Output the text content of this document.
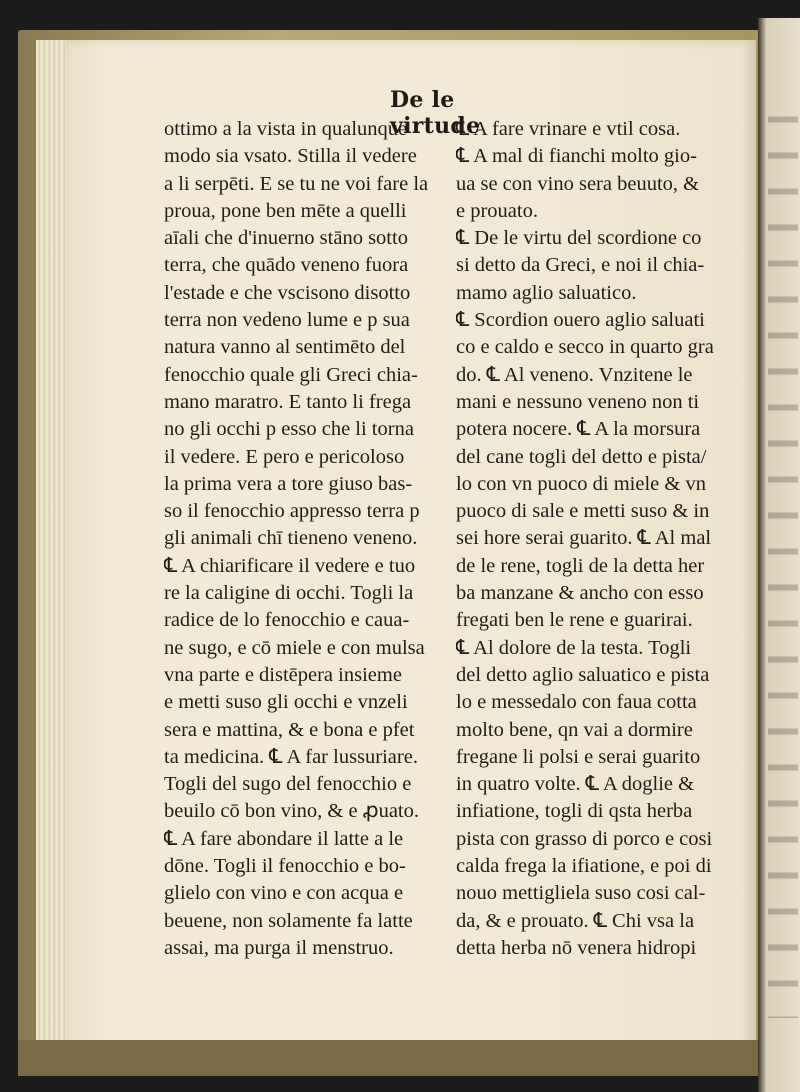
De le virtude
ottimo a la vista in qualunque
modo sia vsato. Stilla il vedere
a li serpēti. E se tu ne voi fare la
proua, pone ben mēte a quelli
aīali che d'inuerno stāno sotto
terra, che quādo veneno fuora
l'estade e che vscisono disotto
terra non vedeno lume e p sua
natura vanno al sentimēto del
fenocchio quale gli Greci chia-
mano maratro. E tanto li frega
no gli occhi p esso che li torna
il vedere. E pero e pericoloso
la prima vera a tore giuso bas-
so il fenocchio appresso terra p
gli animali chī tieneno veneno.
℄ A chiarificare il vedere e tuo
re la caligine di occhi. Togli la
radice de lo fenocchio e caua-
ne sugo, e cō miele e con mulsa
vna parte e distēpera insieme
e metti suso gli occhi e vnzeli
sera e mattina, & e bona e pfet
ta medicina. ℄ A far lussuriare.
Togli del sugo del fenocchio e
beuilo cō bon vino, & e ꝓuato.
℄ A fare abondare il latte a le
dōne. Togli il fenocchio e bo-
glielo con vino e con acqua e
beuene, non solamente fa latte
assai, ma purga il menstruo.
℄ A fare vrinare e vtil cosa.
℄ A mal di fianchi molto gio-
ua se con vino sera beuuto, &
e prouato.
℄ De le virtu del scordione co
si detto da Greci, e noi il chia-
mamo aglio saluatico.
℄ Scordion ouero aglio saluati
co e caldo e secco in quarto gra
do. ℄ Al veneno. Vnzitene le
mani e nessuno veneno non ti
potera nocere. ℄ A la morsura
del cane togli del detto e pista/
lo con vn puoco di miele & vn
puoco di sale e metti suso & in
sei hore serai guarito. ℄ Al mal
de le rene, togli de la detta her
ba manzane & ancho con esso
fregati ben le rene e guarirai.
℄ Al dolore de la testa. Togli
del detto aglio saluatico e pista
lo e messedalo con faua cotta
molto bene, qn vai a dormire
fregane li polsi e serai guarito
in quatro volte. ℄ A doglie &
infiatione, togli di qsta herba
pista con grasso di porco e cosi
calda frega la ifiatione, e poi di
nouo mettigliela suso cosi cal-
da, & e prouato. ℄ Chi vsa la
detta herba nō venera hidropi
